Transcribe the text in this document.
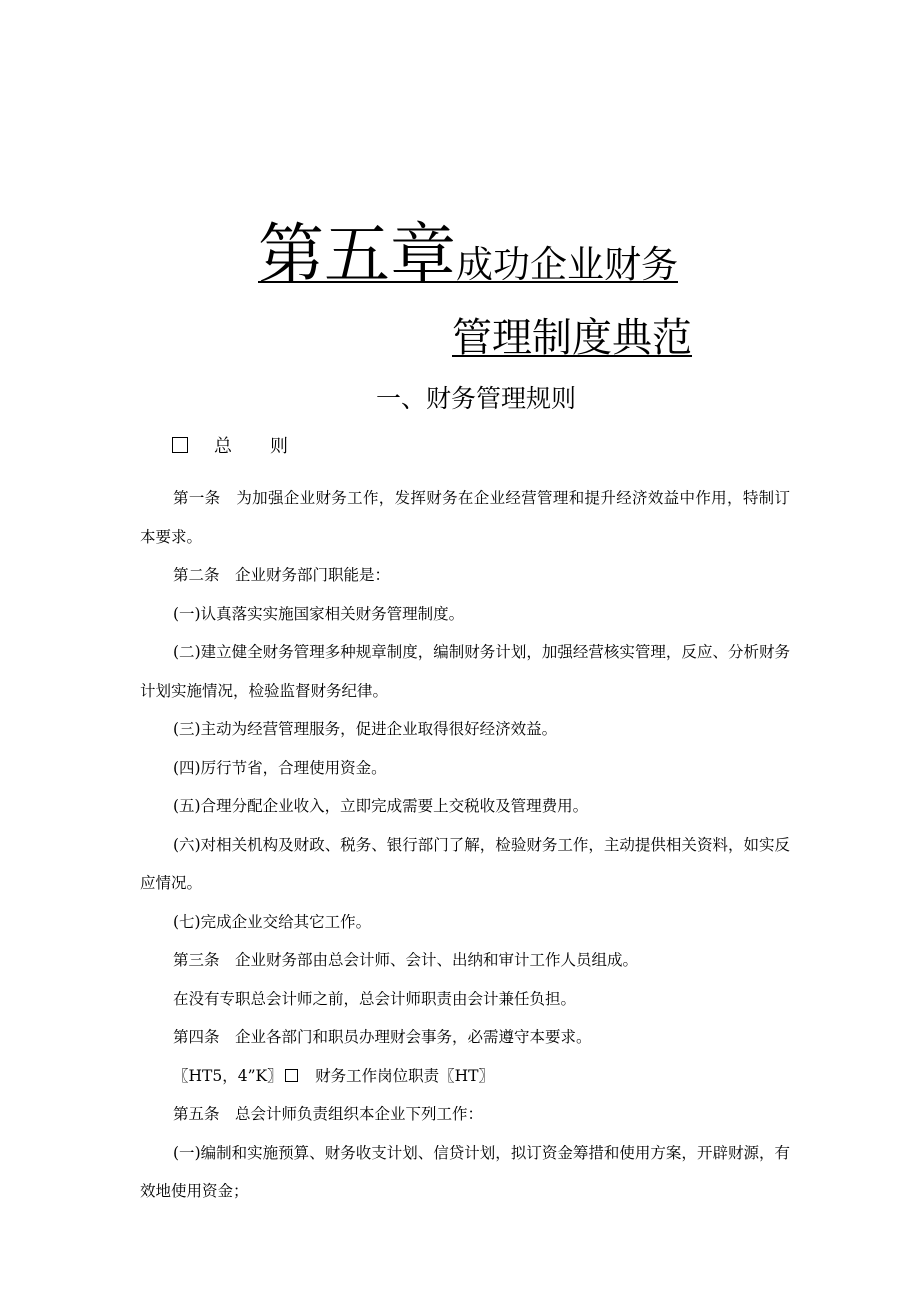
第五章成功企业财务
管理制度典范
一、财务管理规则
总 则

第一条　为加强企业财务工作，发挥财务在企业经营管理和提升经济效益中作用，特制订本要求。

第二条　企业财务部门职能是：

(一)认真落实实施国家相关财务管理制度。

(二)建立健全财务管理多种规章制度，编制财务计划，加强经营核实管理，反应、分析财务计划实施情况，检验监督财务纪律。

(三)主动为经营管理服务，促进企业取得很好经济效益。

(四)厉行节省，合理使用资金。

(五)合理分配企业收入，立即完成需要上交税收及管理费用。

(六)对相关机构及财政、税务、银行部门了解，检验财务工作，主动提供相关资料，如实反应情况。

(七)完成企业交给其它工作。

第三条　企业财务部由总会计师、会计、出纳和审计工作人员组成。

在没有专职总会计师之前，总会计师职责由会计兼任负担。

第四条　企业各部门和职员办理财会事务，必需遵守本要求。

〖HT5，4”K〗　 财务工作岗位职责〖HT〗

第五条　总会计师负责组织本企业下列工作：

(一)编制和实施预算、财务收支计划、信贷计划，拟订资金筹措和使用方案，开辟财源，有效地使用资金；
